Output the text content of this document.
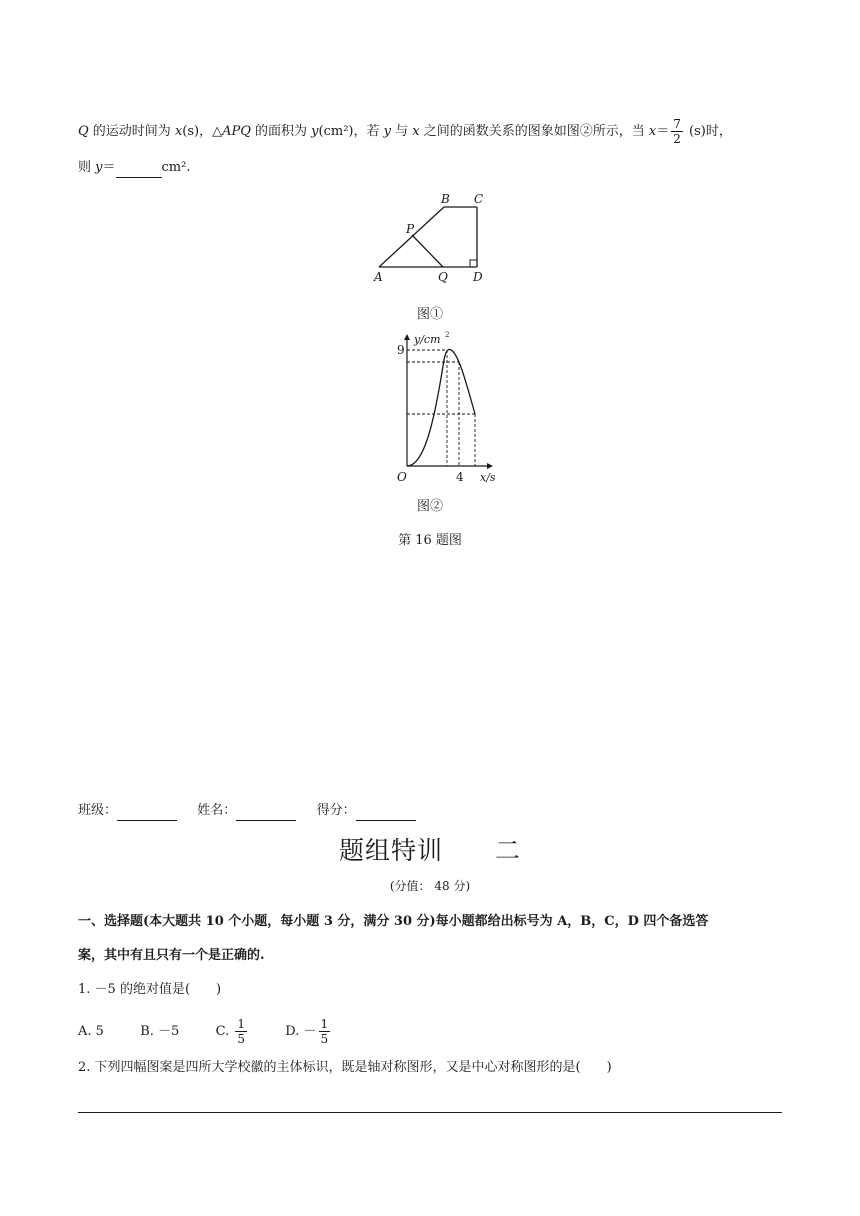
Q 的运动时间为 x(s)，△APQ 的面积为 y(cm²)，若 y 与 x 之间的函数关系的图象如图②所示，当 $x= \frac{7}{2} (s)$时，
则 y＝	cm².
A
B C
D
P
Q
图①
y/cm 2
9
O	4 x/s
图②
第 16 题图
班级：	姓名：	得分：
题组特训 二
(分值： 48 分)
一、选择题(本大题共 10 个小题，每小题 3 分，满分 30 分)每小题都给出标号为 A，B，C，D 四个备选答
案，其中有且只有一个是正确的.
1. －5 的绝对值是(　　)
A. 5	B. －5	C. $\frac{1}{5}$	D. － $\frac{1}{5}$
2. 下列四幅图案是四所大学校徽的主体标识，既是轴对称图形，又是中心对称图形的是(　　)
